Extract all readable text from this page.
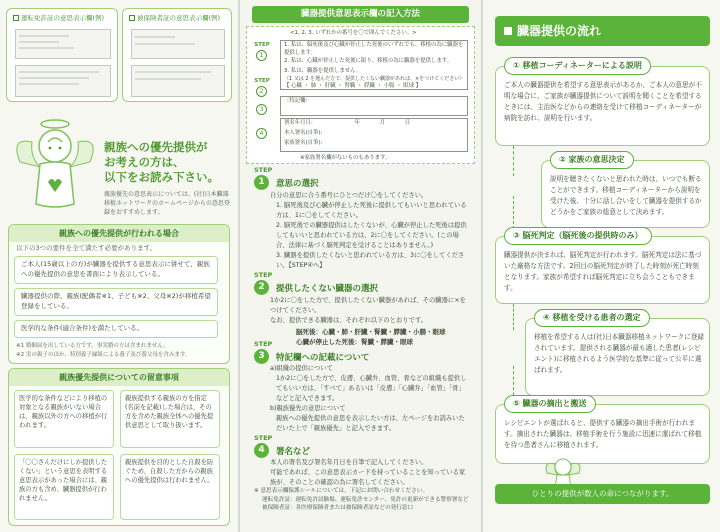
運転免許証の意思表示欄(例)	被保険者証の意思表示欄(例)
親族への優先提供が
お考えの方は、
以下をお読み下さい。
親族優先の意思表示については、(社)日本臓器移植ネットワークのホームページからの意思登録をおすすめします。
親族への優先提供が行われる場合
以下の3つの要件を全て満たす必要があります。
ご本人(15歳以上の方)が臓器を提供する意思表示に併せて、親族への優先提供の意思を書面により表示している。
臓器提供の際、親族(配偶者※1、子ども※2、父母※2)が移植希望登録をしている。
医学的な条件(適合条件)を満たしている。
※1 婚姻届を出している方です。事実婚の方は含まれません。
※2 実の親子のほか、特別養子縁組による養子及び養父母を含みます。
親族優先提供についての留意事項
医学的な条件などにより移植の対象となる親族がいない場合は、親族以外の方への移植が行われます。
親族提供する親族の方を指定(名前を記載)した場合は、その方を含めた親族全体への優先提供意思として取り扱います。
「〇〇さんだけにしか提供したくない」という意思を表明する意思表示があった場合には、親族の方も含め、臓器提供が行われません。
親族提供を目的とした自殺を防ぐため、自殺した方からの親族への優先提供は行われません。
臓器提供意思表示欄の記入方法
<1, 2, 3. いずれかの番号を〇で囲んでください。>
STEP
1
1. 私は、脳死後及び心臓が停止した死後のいずれでも、移植の為に臓器を提供します。
2. 私は、心臓が停止した死後に限り、移植の為に臓器を提供します。
3. 私は、臓器を提供しません。
STEP
2
《1 又は 2 を選んだ方で、提供したくない臓器があれば、×をつけてください》
【 心臓 ・ 肺 ・ 肝臓 ・ 腎臓 ・ 膵臓 ・ 小腸 ・ 眼球 】
3
〔特記欄:
4
署名年月日:	年	月	日
本人署名(自筆):
家族署名(自筆):
※家族署名欄がないものもあります。
STEP
1	意思の選択
自分の意思に合う番号にひとつだけ〇をしてください。
1. 脳死後及び心臓が停止した死後に提供してもいいと思われている方は、1に〇をしてください。
2. 脳死後での臓器提供はしたくないが、心臓が停止した死後は提供してもいいと思われている方は、2に〇をしてください。(この場合、法律に基づく脳死判定を受けることはありません。)
3. 臓器を提供したくないと思われている方は、3に〇をしてください。【STEP④へ】
STEP
2	提供したくない臓器の選択
1か2に〇をした方で、提供したくない臓器があれば、その臓器に×をつけてください。
なお、提供できる臓器は、それぞれ以下のとおりです。
脳死後：心臓・肺・肝臓・腎臓・膵臓・小腸・眼球
心臓が停止した死後：腎臓・膵臓・眼球
STEP
3	特記欄への記載について
a)組織の提供について
1か2に〇をした方で、皮膚、心臓弁、血管、骨などの組織も提供してもいい方は、「すべて」あるいは「皮膚」「心臓弁」「血管」「骨」などと記入できます。
b)親族優先の意思について
親族への優先提供の意思を表示したい方は、左ページをお読みいただいた上で「親族優先」と記入できます。
STEP
4	署名など
本人の署名及び署名年月日を自筆で記入してください。
可能であれば、この意思表示カードを持っていることを知っている家族が、そのことの確認の為に署名してください。
※ 意思表示欄保護シールについては、下記にお問い合わせください。
運転免許証：運転免許試験場、運転免許センター、免許の更新ができる警察署など
被保険者証：各医療保険者または被保険者証などの発行窓口
臓器提供の流れ
① 移植コーディネーターによる説明
ご本人の臓器提供を希望する意思表示があるか、ご本人の意思が不明な場合に、ご家族が臓器提供について説明を聞くことを希望するときには、主治医などからの連絡を受けて移植コーディネーターが病院を訪れ、説明を行います。
② 家族の意思決定
説明を聴きたくないと思われた時は、いつでも断ることができます。移植コーディネーターから説明を受けた後、十分に話し合いをして臓器を提供するかどうかをご家族の総意として決めます。
③ 脳死判定（脳死後の提供時のみ）
臓器提供が決まれば、脳死判定が行われます。脳死判定は法に基づいた厳格な方法です。2回目の脳死判定が終了した時刻が死亡時刻となります。家族が希望すれば脳死判定に立ち会うこともできます。
④ 移植を受ける患者の選定
移植を希望する人は(社)日本臓器移植ネットワークに登録されています。提供される臓器が最も適した患者(レシピエント)に移植されるよう医学的な基準に従って公平に選ばれます。
⑤ 臓器の摘出と搬送
レシピエントが選ばれると、提供する臓器の摘出手術が行われます。摘出された臓器は、移植手術を行う施設に迅速に運ばれて移植を待つ患者さんに移植されます。
ひとりの提供が数人の命につながります。
